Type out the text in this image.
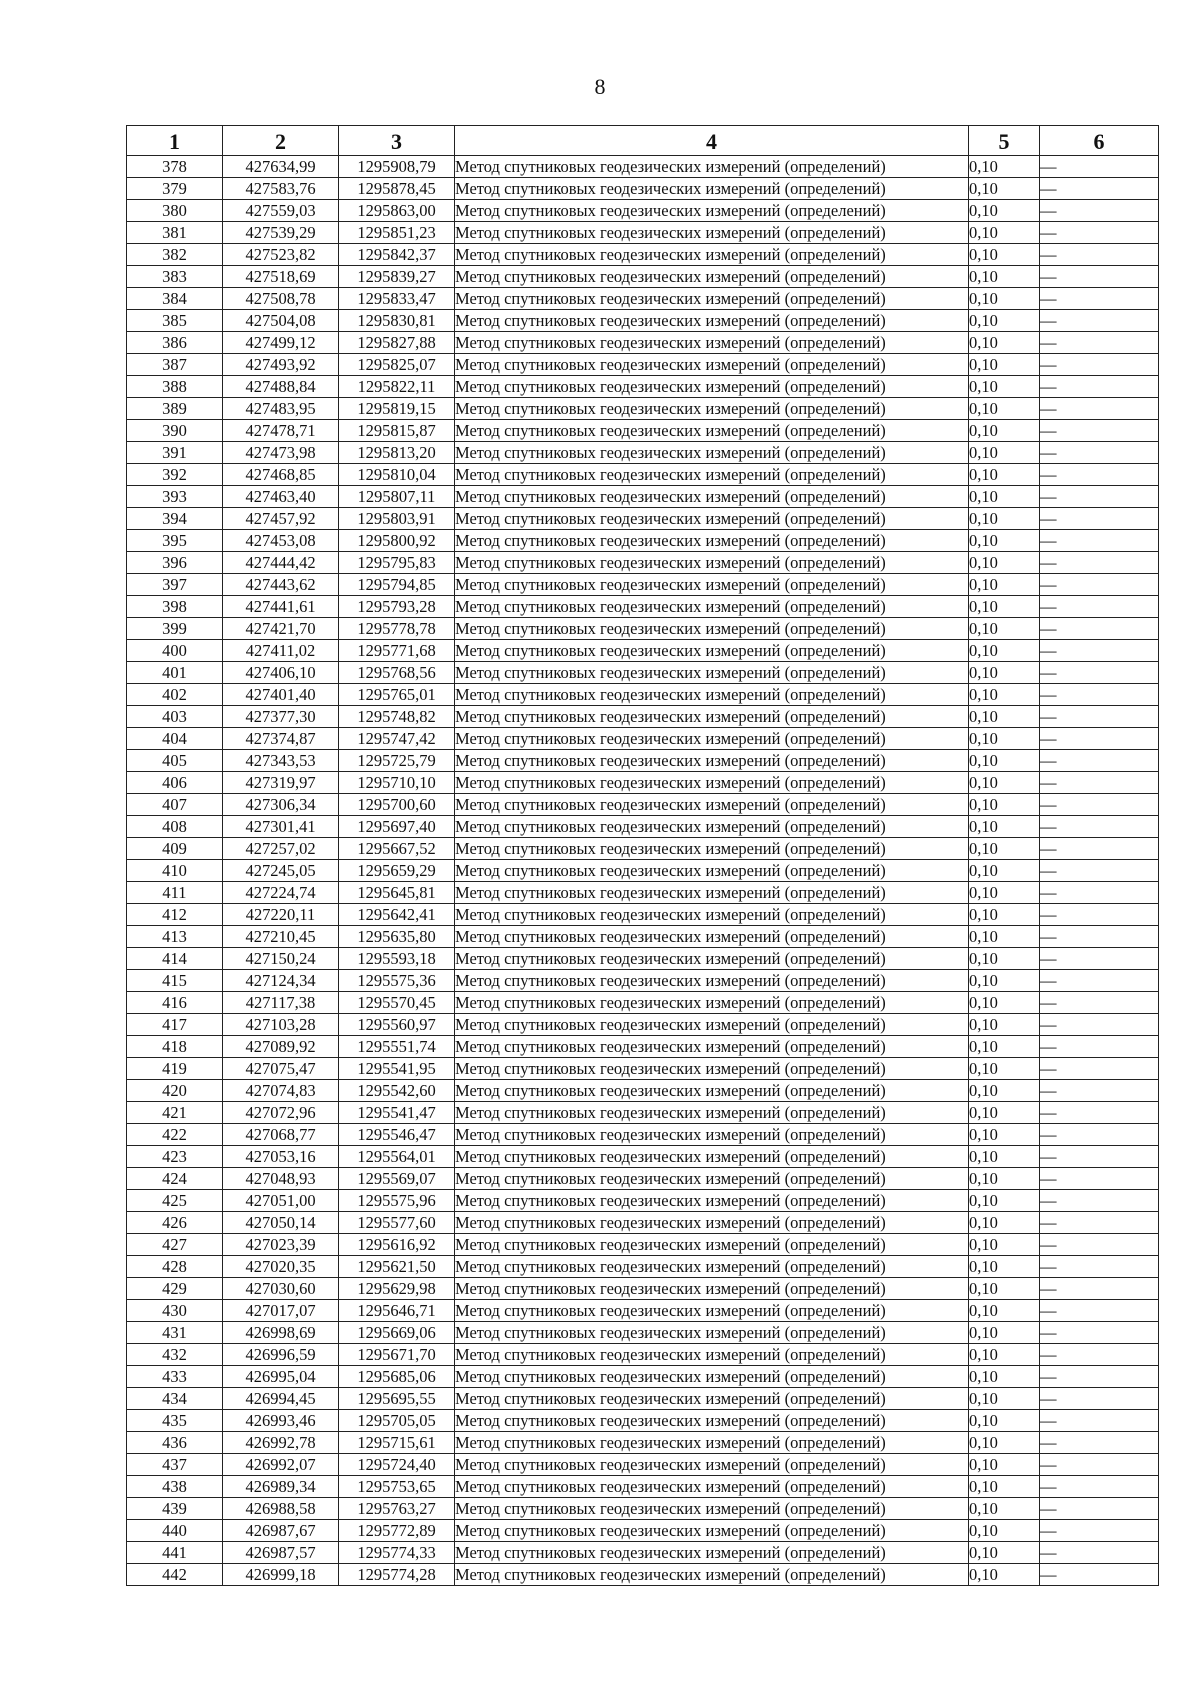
8
1	2	3	4	5	6
378	427634,99	1295908,79	Метод спутниковых геодезических измерений (определений)	0,10	—
379	427583,76	1295878,45	Метод спутниковых геодезических измерений (определений)	0,10	—
380	427559,03	1295863,00	Метод спутниковых геодезических измерений (определений)	0,10	—
381	427539,29	1295851,23	Метод спутниковых геодезических измерений (определений)	0,10	—
382	427523,82	1295842,37	Метод спутниковых геодезических измерений (определений)	0,10	—
383	427518,69	1295839,27	Метод спутниковых геодезических измерений (определений)	0,10	—
384	427508,78	1295833,47	Метод спутниковых геодезических измерений (определений)	0,10	—
385	427504,08	1295830,81	Метод спутниковых геодезических измерений (определений)	0,10	—
386	427499,12	1295827,88	Метод спутниковых геодезических измерений (определений)	0,10	—
387	427493,92	1295825,07	Метод спутниковых геодезических измерений (определений)	0,10	—
388	427488,84	1295822,11	Метод спутниковых геодезических измерений (определений)	0,10	—
389	427483,95	1295819,15	Метод спутниковых геодезических измерений (определений)	0,10	—
390	427478,71	1295815,87	Метод спутниковых геодезических измерений (определений)	0,10	—
391	427473,98	1295813,20	Метод спутниковых геодезических измерений (определений)	0,10	—
392	427468,85	1295810,04	Метод спутниковых геодезических измерений (определений)	0,10	—
393	427463,40	1295807,11	Метод спутниковых геодезических измерений (определений)	0,10	—
394	427457,92	1295803,91	Метод спутниковых геодезических измерений (определений)	0,10	—
395	427453,08	1295800,92	Метод спутниковых геодезических измерений (определений)	0,10	—
396	427444,42	1295795,83	Метод спутниковых геодезических измерений (определений)	0,10	—
397	427443,62	1295794,85	Метод спутниковых геодезических измерений (определений)	0,10	—
398	427441,61	1295793,28	Метод спутниковых геодезических измерений (определений)	0,10	—
399	427421,70	1295778,78	Метод спутниковых геодезических измерений (определений)	0,10	—
400	427411,02	1295771,68	Метод спутниковых геодезических измерений (определений)	0,10	—
401	427406,10	1295768,56	Метод спутниковых геодезических измерений (определений)	0,10	—
402	427401,40	1295765,01	Метод спутниковых геодезических измерений (определений)	0,10	—
403	427377,30	1295748,82	Метод спутниковых геодезических измерений (определений)	0,10	—
404	427374,87	1295747,42	Метод спутниковых геодезических измерений (определений)	0,10	—
405	427343,53	1295725,79	Метод спутниковых геодезических измерений (определений)	0,10	—
406	427319,97	1295710,10	Метод спутниковых геодезических измерений (определений)	0,10	—
407	427306,34	1295700,60	Метод спутниковых геодезических измерений (определений)	0,10	—
408	427301,41	1295697,40	Метод спутниковых геодезических измерений (определений)	0,10	—
409	427257,02	1295667,52	Метод спутниковых геодезических измерений (определений)	0,10	—
410	427245,05	1295659,29	Метод спутниковых геодезических измерений (определений)	0,10	—
411	427224,74	1295645,81	Метод спутниковых геодезических измерений (определений)	0,10	—
412	427220,11	1295642,41	Метод спутниковых геодезических измерений (определений)	0,10	—
413	427210,45	1295635,80	Метод спутниковых геодезических измерений (определений)	0,10	—
414	427150,24	1295593,18	Метод спутниковых геодезических измерений (определений)	0,10	—
415	427124,34	1295575,36	Метод спутниковых геодезических измерений (определений)	0,10	—
416	427117,38	1295570,45	Метод спутниковых геодезических измерений (определений)	0,10	—
417	427103,28	1295560,97	Метод спутниковых геодезических измерений (определений)	0,10	—
418	427089,92	1295551,74	Метод спутниковых геодезических измерений (определений)	0,10	—
419	427075,47	1295541,95	Метод спутниковых геодезических измерений (определений)	0,10	—
420	427074,83	1295542,60	Метод спутниковых геодезических измерений (определений)	0,10	—
421	427072,96	1295541,47	Метод спутниковых геодезических измерений (определений)	0,10	—
422	427068,77	1295546,47	Метод спутниковых геодезических измерений (определений)	0,10	—
423	427053,16	1295564,01	Метод спутниковых геодезических измерений (определений)	0,10	—
424	427048,93	1295569,07	Метод спутниковых геодезических измерений (определений)	0,10	—
425	427051,00	1295575,96	Метод спутниковых геодезических измерений (определений)	0,10	—
426	427050,14	1295577,60	Метод спутниковых геодезических измерений (определений)	0,10	—
427	427023,39	1295616,92	Метод спутниковых геодезических измерений (определений)	0,10	—
428	427020,35	1295621,50	Метод спутниковых геодезических измерений (определений)	0,10	—
429	427030,60	1295629,98	Метод спутниковых геодезических измерений (определений)	0,10	—
430	427017,07	1295646,71	Метод спутниковых геодезических измерений (определений)	0,10	—
431	426998,69	1295669,06	Метод спутниковых геодезических измерений (определений)	0,10	—
432	426996,59	1295671,70	Метод спутниковых геодезических измерений (определений)	0,10	—
433	426995,04	1295685,06	Метод спутниковых геодезических измерений (определений)	0,10	—
434	426994,45	1295695,55	Метод спутниковых геодезических измерений (определений)	0,10	—
435	426993,46	1295705,05	Метод спутниковых геодезических измерений (определений)	0,10	—
436	426992,78	1295715,61	Метод спутниковых геодезических измерений (определений)	0,10	—
437	426992,07	1295724,40	Метод спутниковых геодезических измерений (определений)	0,10	—
438	426989,34	1295753,65	Метод спутниковых геодезических измерений (определений)	0,10	—
439	426988,58	1295763,27	Метод спутниковых геодезических измерений (определений)	0,10	—
440	426987,67	1295772,89	Метод спутниковых геодезических измерений (определений)	0,10	—
441	426987,57	1295774,33	Метод спутниковых геодезических измерений (определений)	0,10	—
442	426999,18	1295774,28	Метод спутниковых геодезических измерений (определений)	0,10	—
